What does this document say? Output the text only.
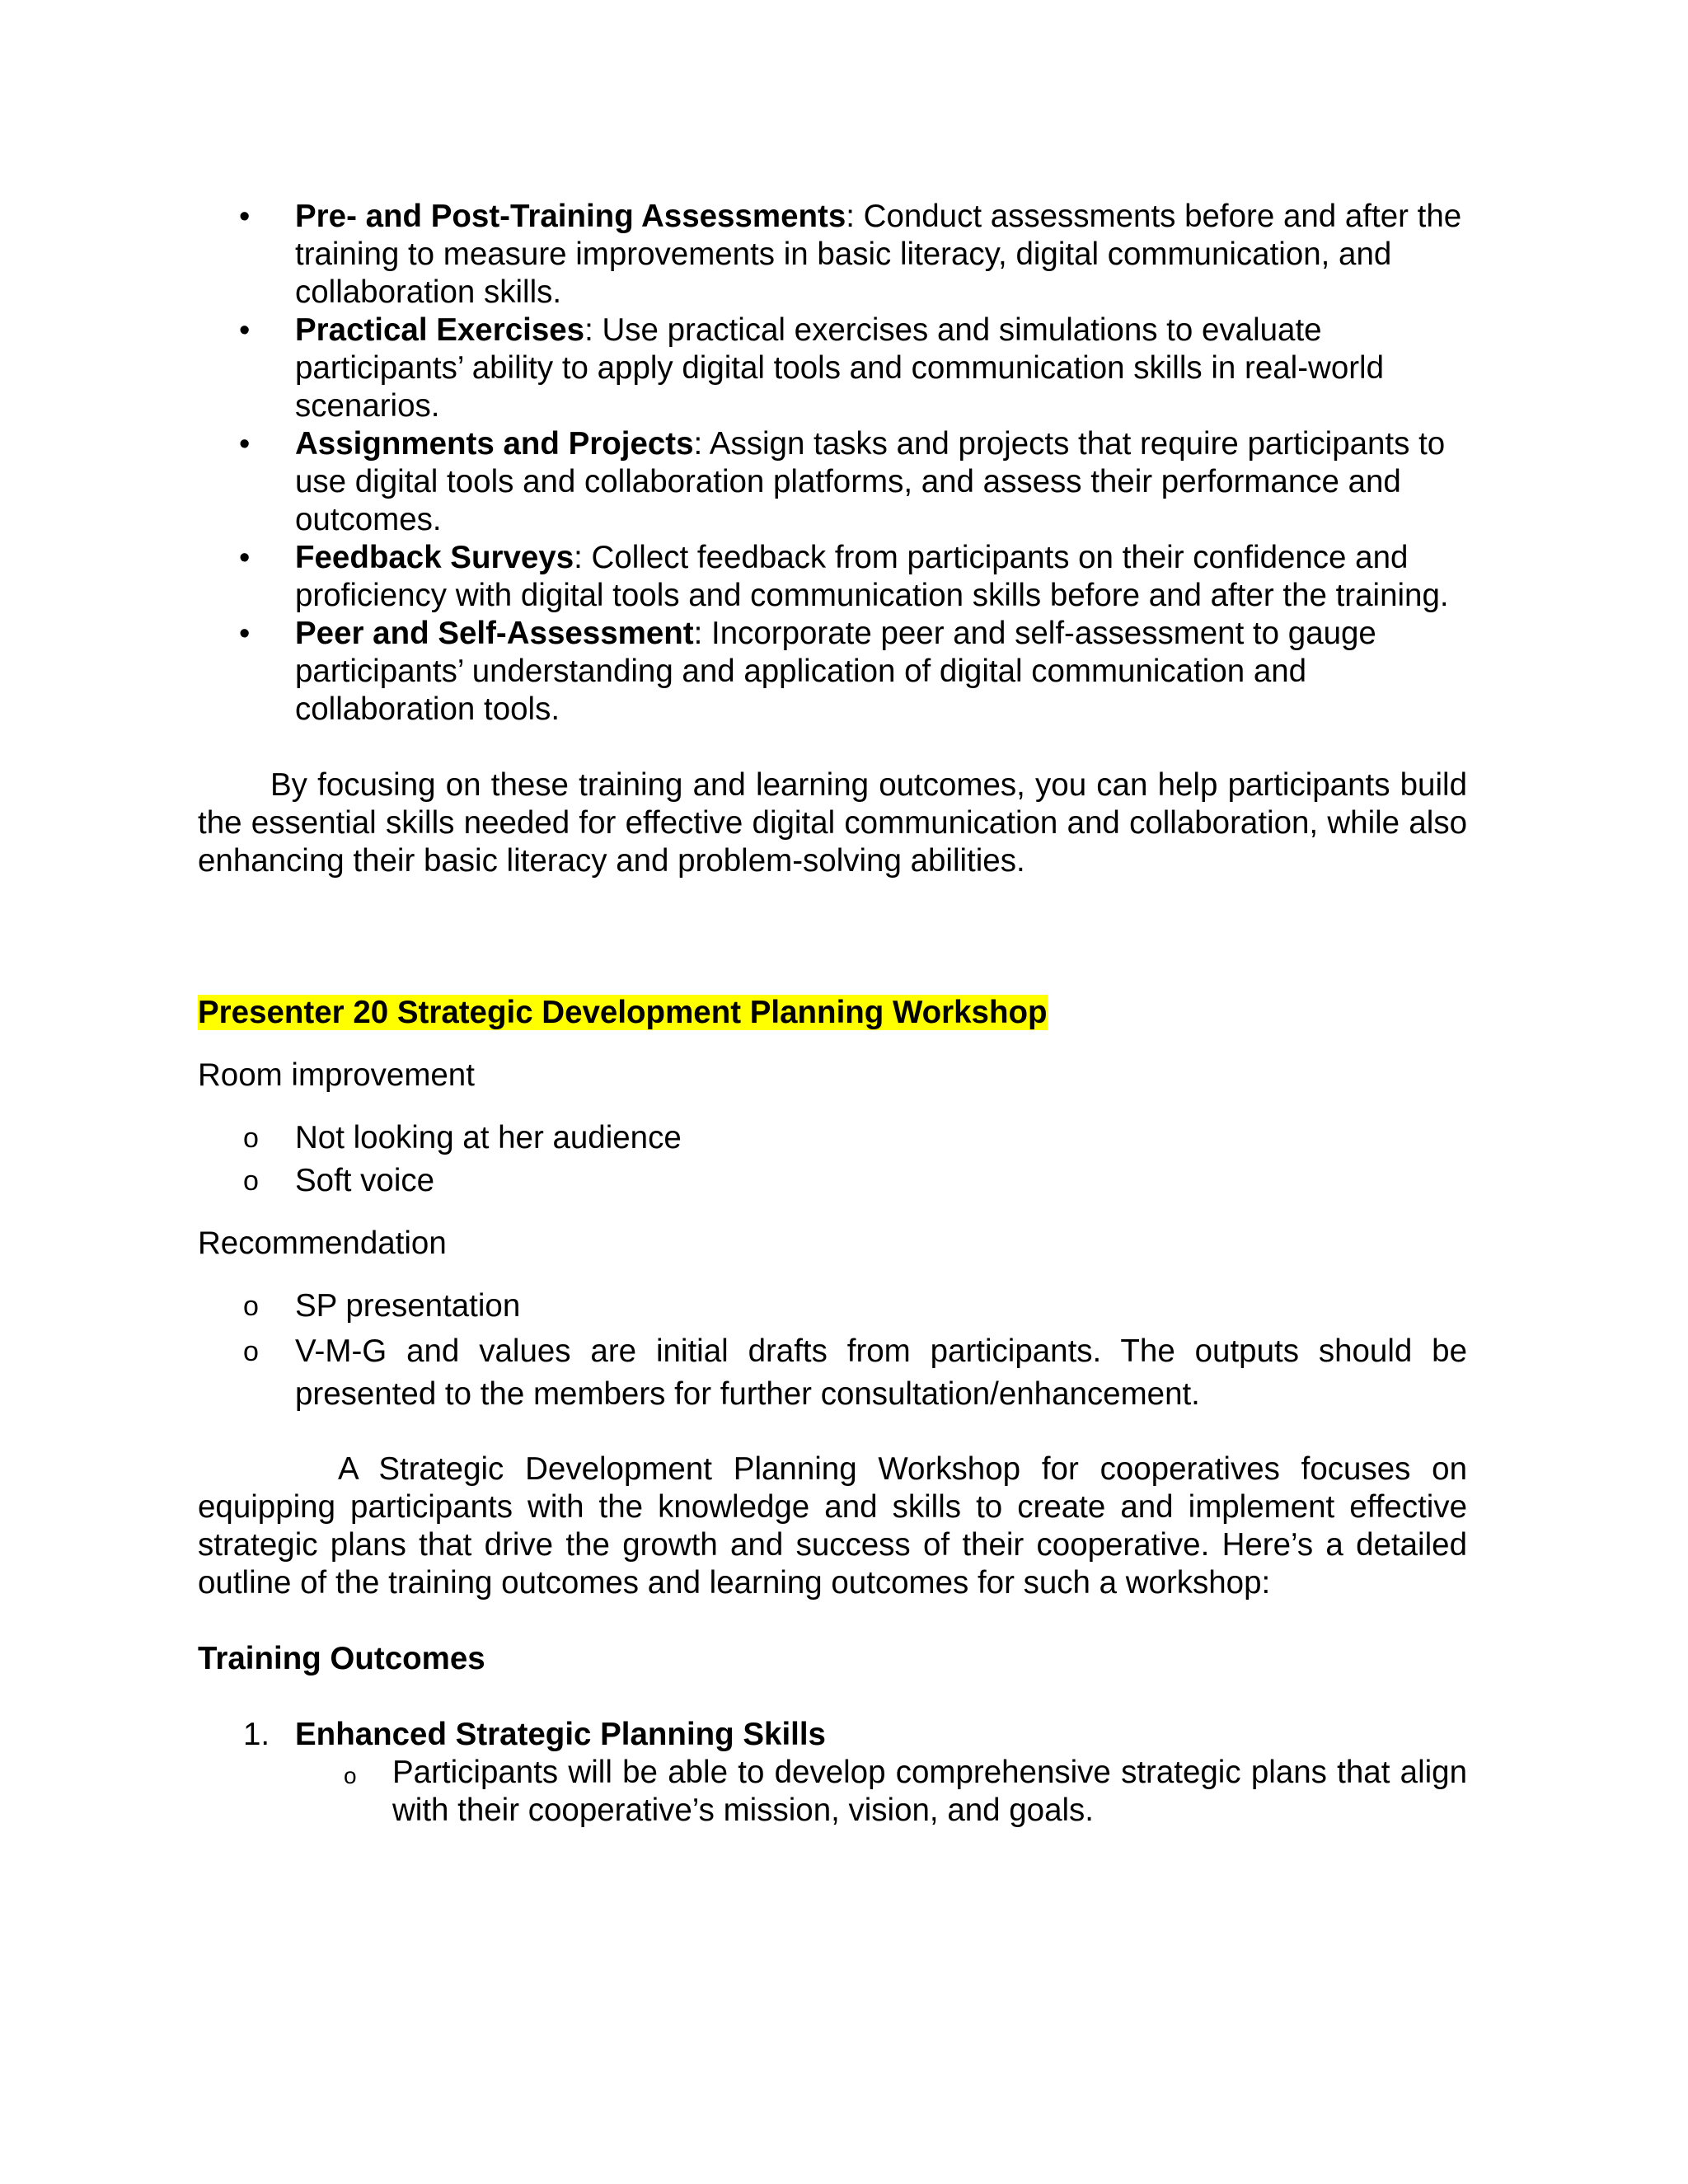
• Pre- and Post-Training Assessments: Conduct assessments before and after the training to measure improvements in basic literacy, digital communication, and collaboration skills.
• Practical Exercises: Use practical exercises and simulations to evaluate participants’ ability to apply digital tools and communication skills in real-world scenarios.
• Assignments and Projects: Assign tasks and projects that require participants to use digital tools and collaboration platforms, and assess their performance and outcomes.
• Feedback Surveys: Collect feedback from participants on their confidence and proficiency with digital tools and communication skills before and after the training.
• Peer and Self-Assessment: Incorporate peer and self-assessment to gauge participants’ understanding and application of digital communication and collaboration tools.

By focusing on these training and learning outcomes, you can help participants build the essential skills needed for effective digital communication and collaboration, while also enhancing their basic literacy and problem-solving abilities.

Presenter 20 Strategic Development Planning Workshop

Room improvement

o Not looking at her audience
o Soft voice

Recommendation

o SP presentation
o V-M-G and values are initial drafts from participants. The outputs should be presented to the members for further consultation/enhancement.

A Strategic Development Planning Workshop for cooperatives focuses on equipping participants with the knowledge and skills to create and implement effective strategic plans that drive the growth and success of their cooperative. Here’s a detailed outline of the training outcomes and learning outcomes for such a workshop:

Training Outcomes

1. Enhanced Strategic Planning Skills

o Participants will be able to develop comprehensive strategic plans that align with their cooperative’s mission, vision, and goals.
